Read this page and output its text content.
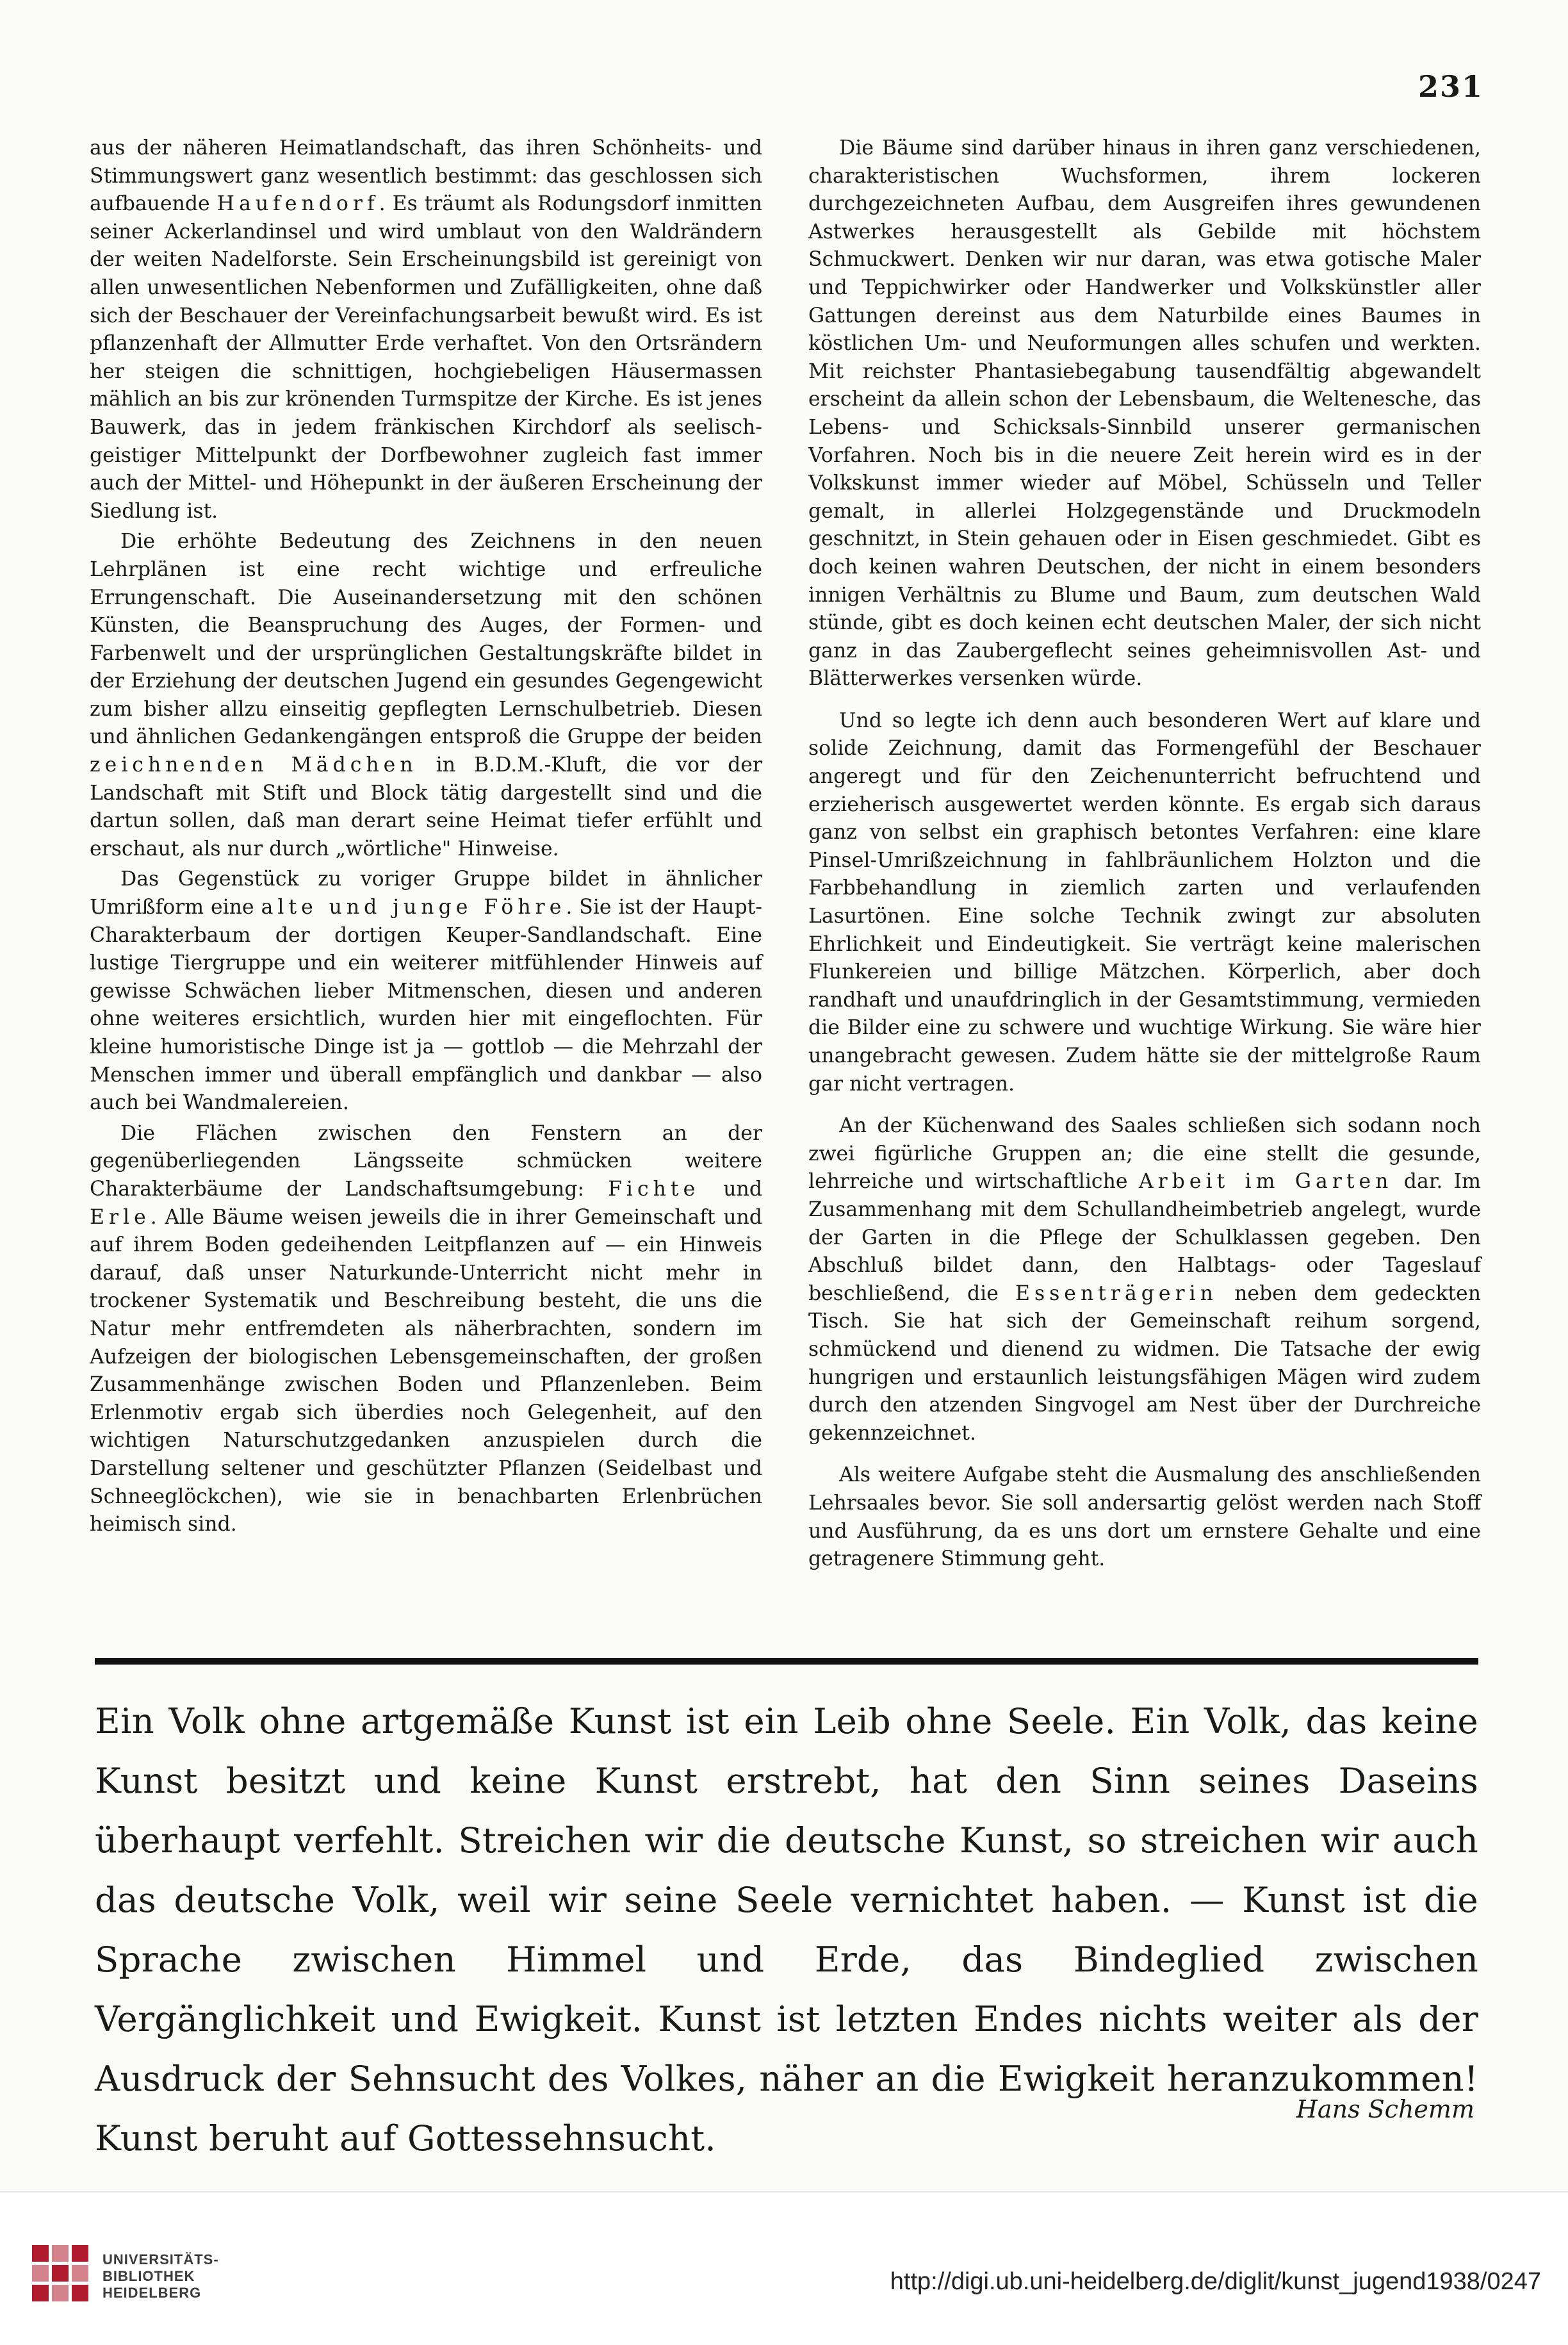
231

aus der näheren Heimatlandschaft, das ihren Schönheits- und Stimmungswert ganz wesentlich bestimmt: das geschlossen sich aufbauende Haufendorf. Es träumt als Rodungsdorf inmitten seiner Ackerlandinsel und wird umblaut von den Waldrändern der weiten Nadelforste. Sein Erscheinungsbild ist gereinigt von allen unwesentlichen Nebenformen und Zufälligkeiten, ohne daß sich der Beschauer der Vereinfachungsarbeit bewußt wird. Es ist pflanzenhaft der Allmutter Erde verhaftet. Von den Ortsrändern her steigen die schnittigen, hochgiebeligen Häusermassen mählich an bis zur krönenden Turmspitze der Kirche. Es ist jenes Bauwerk, das in jedem fränkischen Kirchdorf als seelisch-geistiger Mittelpunkt der Dorfbewohner zugleich fast immer auch der Mittel- und Höhepunkt in der äußeren Erscheinung der Siedlung ist.

Die erhöhte Bedeutung des Zeichnens in den neuen Lehrplänen ist eine recht wichtige und erfreuliche Errungenschaft. Die Auseinandersetzung mit den schönen Künsten, die Beanspruchung des Auges, der Formen- und Farbenwelt und der ursprünglichen Gestaltungskräfte bildet in der Erziehung der deutschen Jugend ein gesundes Gegengewicht zum bisher allzu einseitig gepflegten Lernschulbetrieb. Diesen und ähnlichen Gedankengängen entsproß die Gruppe der beiden zeichnenden Mädchen in B.D.M.-Kluft, die vor der Landschaft mit Stift und Block tätig dargestellt sind und die dartun sollen, daß man derart seine Heimat tiefer erfühlt und erschaut, als nur durch „wörtliche" Hinweise.

Das Gegenstück zu voriger Gruppe bildet in ähnlicher Umrißform eine alte und junge Föhre. Sie ist der Haupt-Charakterbaum der dortigen Keuper-Sandlandschaft. Eine lustige Tiergruppe und ein weiterer mitfühlender Hinweis auf gewisse Schwächen lieber Mitmenschen, diesen und anderen ohne weiteres ersichtlich, wurden hier mit eingeflochten. Für kleine humoristische Dinge ist ja — gottlob — die Mehrzahl der Menschen immer und überall empfänglich und dankbar — also auch bei Wandmalereien.

Die Flächen zwischen den Fenstern an der gegenüberliegenden Längsseite schmücken weitere Charakterbäume der Landschaftsumgebung: Fichte und Erle. Alle Bäume weisen jeweils die in ihrer Gemeinschaft und auf ihrem Boden gedeihenden Leitpflanzen auf — ein Hinweis darauf, daß unser Naturkunde-Unterricht nicht mehr in trockener Systematik und Beschreibung besteht, die uns die Natur mehr entfremdeten als näherbrachten, sondern im Aufzeigen der biologischen Lebensgemeinschaften, der großen Zusammenhänge zwischen Boden und Pflanzenleben. Beim Erlenmotiv ergab sich überdies noch Gelegenheit, auf den wichtigen Naturschutzgedanken anzuspielen durch die Darstellung seltener und geschützter Pflanzen (Seidelbast und Schneeglöckchen), wie sie in benachbarten Erlenbrüchen heimisch sind.

Die Bäume sind darüber hinaus in ihren ganz verschiedenen, charakteristischen Wuchsformen, ihrem lockeren durchgezeichneten Aufbau, dem Ausgreifen ihres gewundenen Astwerkes herausgestellt als Gebilde mit höchstem Schmuckwert. Denken wir nur daran, was etwa gotische Maler und Teppichwirker oder Handwerker und Volkskünstler aller Gattungen dereinst aus dem Naturbilde eines Baumes in köstlichen Um- und Neuformungen alles schufen und werkten. Mit reichster Phantasiebegabung tausendfältig abgewandelt erscheint da allein schon der Lebensbaum, die Weltenesche, das Lebens- und Schicksals-Sinnbild unserer germanischen Vorfahren. Noch bis in die neuere Zeit herein wird es in der Volkskunst immer wieder auf Möbel, Schüsseln und Teller gemalt, in allerlei Holzgegenstände und Druckmodeln geschnitzt, in Stein gehauen oder in Eisen geschmiedet. Gibt es doch keinen wahren Deutschen, der nicht in einem besonders innigen Verhältnis zu Blume und Baum, zum deutschen Wald stünde, gibt es doch keinen echt deutschen Maler, der sich nicht ganz in das Zaubergeflecht seines geheimnisvollen Ast- und Blätterwerkes versenken würde.

Und so legte ich denn auch besonderen Wert auf klare und solide Zeichnung, damit das Formengefühl der Beschauer angeregt und für den Zeichenunterricht befruchtend und erzieherisch ausgewertet werden könnte. Es ergab sich daraus ganz von selbst ein graphisch betontes Verfahren: eine klare Pinsel-Umrißzeichnung in fahlbräunlichem Holzton und die Farbbehandlung in ziemlich zarten und verlaufenden Lasurtönen. Eine solche Technik zwingt zur absoluten Ehrlichkeit und Eindeutigkeit. Sie verträgt keine malerischen Flunkereien und billige Mätzchen. Körperlich, aber doch randhaft und unaufdringlich in der Gesamtstimmung, vermieden die Bilder eine zu schwere und wuchtige Wirkung. Sie wäre hier unangebracht gewesen. Zudem hätte sie der mittelgroße Raum gar nicht vertragen.

An der Küchenwand des Saales schließen sich sodann noch zwei figürliche Gruppen an; die eine stellt die gesunde, lehrreiche und wirtschaftliche Arbeit im Garten dar. Im Zusammenhang mit dem Schullandheimbetrieb angelegt, wurde der Garten in die Pflege der Schulklassen gegeben. Den Abschluß bildet dann, den Halbtags- oder Tageslauf beschließend, die Essenträgerin neben dem gedeckten Tisch. Sie hat sich der Gemeinschaft reihum sorgend, schmückend und dienend zu widmen. Die Tatsache der ewig hungrigen und erstaunlich leistungsfähigen Mägen wird zudem durch den atzenden Singvogel am Nest über der Durchreiche gekennzeichnet.

Als weitere Aufgabe steht die Ausmalung des anschließenden Lehrsaales bevor. Sie soll andersartig gelöst werden nach Stoff und Ausführung, da es uns dort um ernstere Gehalte und eine getragenere Stimmung geht.

Ein Volk ohne artgemäße Kunst ist ein Leib ohne Seele. Ein Volk, das keine Kunst besitzt und keine Kunst erstrebt, hat den Sinn seines Daseins überhaupt verfehlt. Streichen wir die deutsche Kunst, so streichen wir auch das deutsche Volk, weil wir seine Seele vernichtet haben. — Kunst ist die Sprache zwischen Himmel und Erde, das Bindeglied zwischen Vergänglichkeit und Ewigkeit. Kunst ist letzten Endes nichts weiter als der Ausdruck der Sehnsucht des Volkes, näher an die Ewigkeit heranzukommen! Kunst beruht auf Gottessehnsucht.
Hans Schemm
UNIVERSITÄTS-
BIBLIOTHEK
HEIDELBERG	http://digi.ub.uni-heidelberg.de/diglit/kunst_jugend1938/0247
